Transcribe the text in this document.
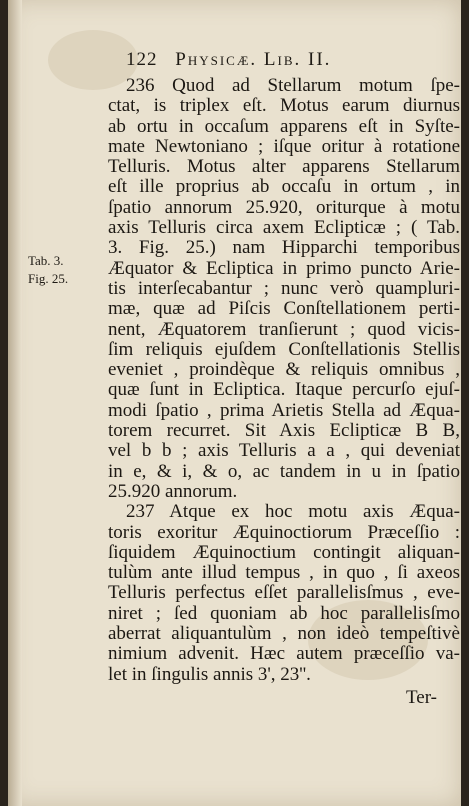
122 Physicæ. Lib. II.
Tab. 3.
Fig. 25.
236 Quod ad Stellarum motum ſpe-
ctat, is triplex eſt. Motus earum diurnus
ab ortu in occaſum apparens eſt in Syſte-
mate Newtoniano ; iſque oritur à rotatione
Telluris. Motus alter apparens Stellarum
eſt ille proprius ab occaſu in ortum , in
ſpatio annorum 25.920, oriturque à motu
axis Telluris circa axem Eclipticæ ; ( Tab.
3. Fig. 25.) nam Hipparchi temporibus
Æquator & Ecliptica in primo puncto Arie-
tis interſecabantur ; nunc verò quampluri-
mæ, quæ ad Piſcis Conſtellationem perti-
nent, Æquatorem tranſierunt ; quod vicis-
ſim reliquis ejuſdem Conſtellationis Stellis
eveniet , proindèque & reliquis omnibus ,
quæ ſunt in Ecliptica. Itaque percurſo ejuſ-
modi ſpatio , prima Arietis Stella ad Æqua-
torem recurret. Sit Axis Eclipticæ B B,
vel b b ; axis Telluris a a , qui deveniat
in e, & i, & o, ac tandem in u in ſpatio
25.920 annorum.
237 Atque ex hoc motu axis Æqua-
toris exoritur Æquinoctiorum Præceſſio :
ſiquidem Æquinoctium contingit aliquan-
tulùm ante illud tempus , in quo , ſi axeos
Telluris perfectus eſſet parallelisſmus , eve-
niret ; ſed quoniam ab hoc parallelisſmo
aberrat aliquantulùm , non ideò tempeſtivè
nimium advenit. Hæc autem præceſſio va-
let in ſingulis annis 3', 23''.
Ter-
